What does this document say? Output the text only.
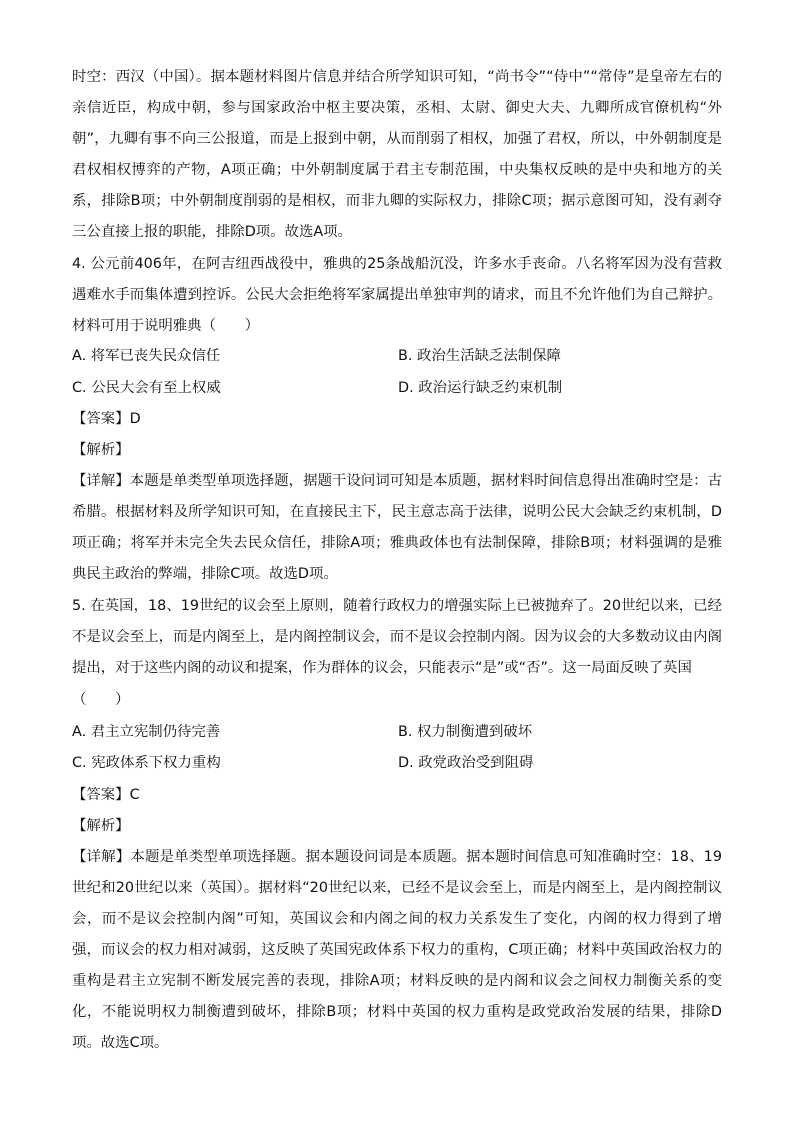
时空：西汉（中国）。据本题材料图片信息并结合所学知识可知，“尚书令”“侍中”“常侍”是皇帝左右的亲信近臣，构成中朝，参与国家政治中枢主要决策，丞相、太尉、御史大夫、九卿所成官僚机构“外朝”，九卿有事不向三公报道，而是上报到中朝，从而削弱了相权，加强了君权，所以，中外朝制度是君权相权博弈的产物，A项正确；中外朝制度属于君主专制范围，中央集权反映的是中央和地方的关系，排除B项；中外朝制度削弱的是相权，而非九卿的实际权力，排除C项；据示意图可知，没有剥夺三公直接上报的职能，排除D项。故选A项。
4. 公元前406年，在阿吉纽西战役中，雅典的25条战船沉没，许多水手丧命。八名将军因为没有营救遇难水手而集体遭到控诉。公民大会拒绝将军家属提出单独审判的请求，而且不允许他们为自己辩护。材料可用于说明雅典（　　）
A. 将军已丧失民众信任	B. 政治生活缺乏法制保障
C. 公民大会有至上权威	D. 政治运行缺乏约束机制
【答案】D
【解析】
【详解】本题是单类型单项选择题，据题干设问词可知是本质题，据材料时间信息得出准确时空是：古希腊。根据材料及所学知识可知，在直接民主下，民主意志高于法律，说明公民大会缺乏约束机制，D项正确；将军并未完全失去民众信任，排除A项；雅典政体也有法制保障，排除B项；材料强调的是雅典民主政治的弊端，排除C项。故选D项。
5. 在英国，18、19世纪的议会至上原则，随着行政权力的增强实际上已被抛弃了。20世纪以来，已经不是议会至上，而是内阁至上，是内阁控制议会，而不是议会控制内阁。因为议会的大多数动议由内阁提出，对于这些内阁的动议和提案，作为群体的议会，只能表示“是”或“否”。这一局面反映了英国
（　　）
A. 君主立宪制仍待完善	B. 权力制衡遭到破坏
C. 宪政体系下权力重构	D. 政党政治受到阻碍
【答案】C
【解析】
【详解】本题是单类型单项选择题。据本题设问词是本质题。据本题时间信息可知准确时空：18、19世纪和20世纪以来（英国）。据材料“20世纪以来，已经不是议会至上，而是内阁至上，是内阁控制议会，而不是议会控制内阁”可知，英国议会和内阁之间的权力关系发生了变化，内阁的权力得到了增强，而议会的权力相对减弱，这反映了英国宪政体系下权力的重构，C项正确；材料中英国政治权力的重构是君主立宪制不断发展完善的表现，排除A项；材料反映的是内阁和议会之间权力制衡关系的变化，不能说明权力制衡遭到破坏，排除B项；材料中英国的权力重构是政党政治发展的结果，排除D项。故选C项。
